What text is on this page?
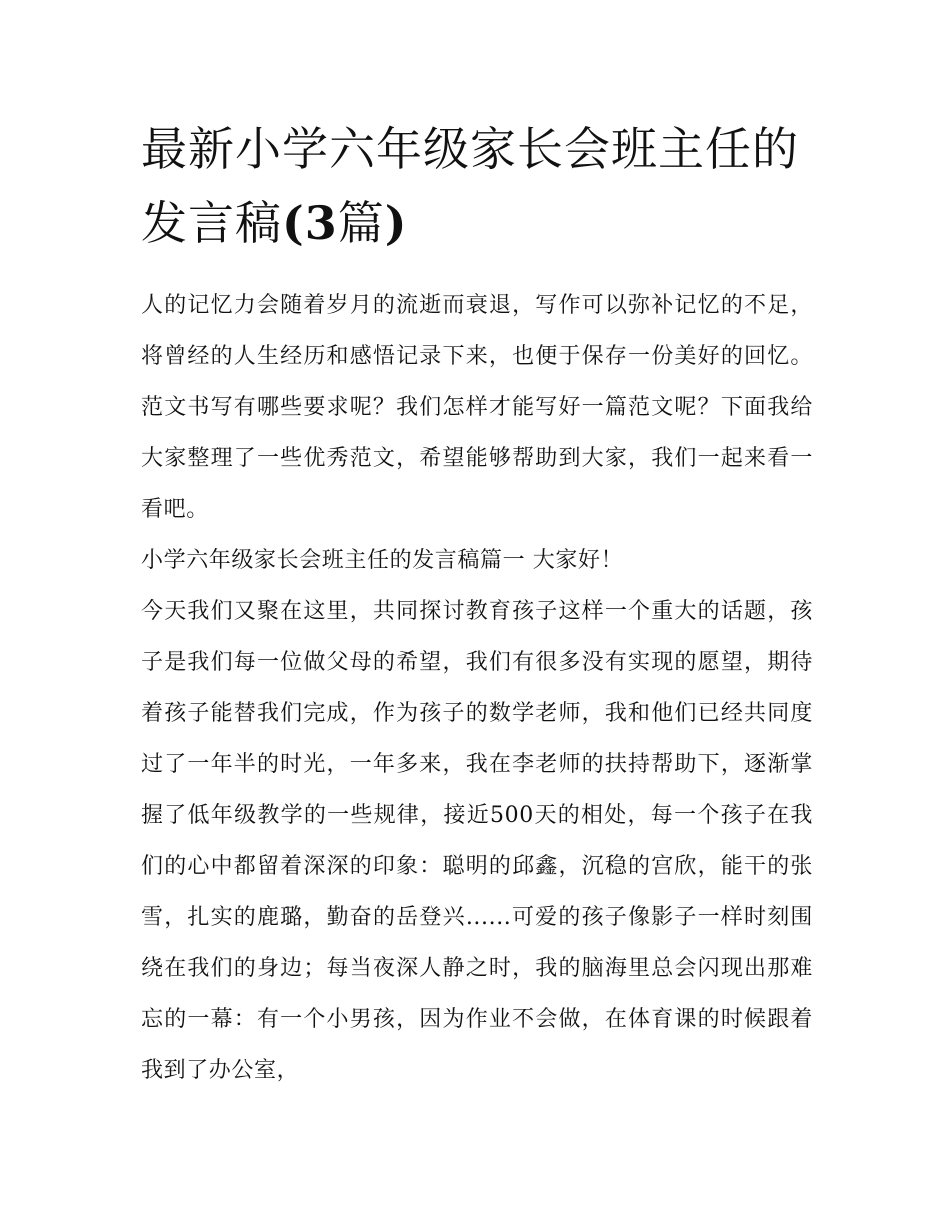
最新小学六年级家长会班主任的发言稿(3篇)

人的记忆力会随着岁月的流逝而衰退，写作可以弥补记忆的不足，将曾经的人生经历和感悟记录下来，也便于保存一份美好的回忆。范文书写有哪些要求呢？我们怎样才能写好一篇范文呢？下面我给大家整理了一些优秀范文，希望能够帮助到大家，我们一起来看一看吧。

小学六年级家长会班主任的发言稿篇一 大家好！

今天我们又聚在这里，共同探讨教育孩子这样一个重大的话题，孩子是我们每一位做父母的希望，我们有很多没有实现的愿望，期待着孩子能替我们完成，作为孩子的数学老师，我和他们已经共同度过了一年半的时光，一年多来，我在李老师的扶持帮助下，逐渐掌握了低年级教学的一些规律，接近500天的相处，每一个孩子在我们的心中都留着深深的印象：聪明的邱鑫，沉稳的宫欣，能干的张雪，扎实的鹿璐，勤奋的岳登兴......可爱的孩子像影子一样时刻围绕在我们的身边；每当夜深人静之时，我的脑海里总会闪现出那难忘的一幕：有一个小男孩，因为作业不会做，在体育课的时候跟着我到了办公室，
